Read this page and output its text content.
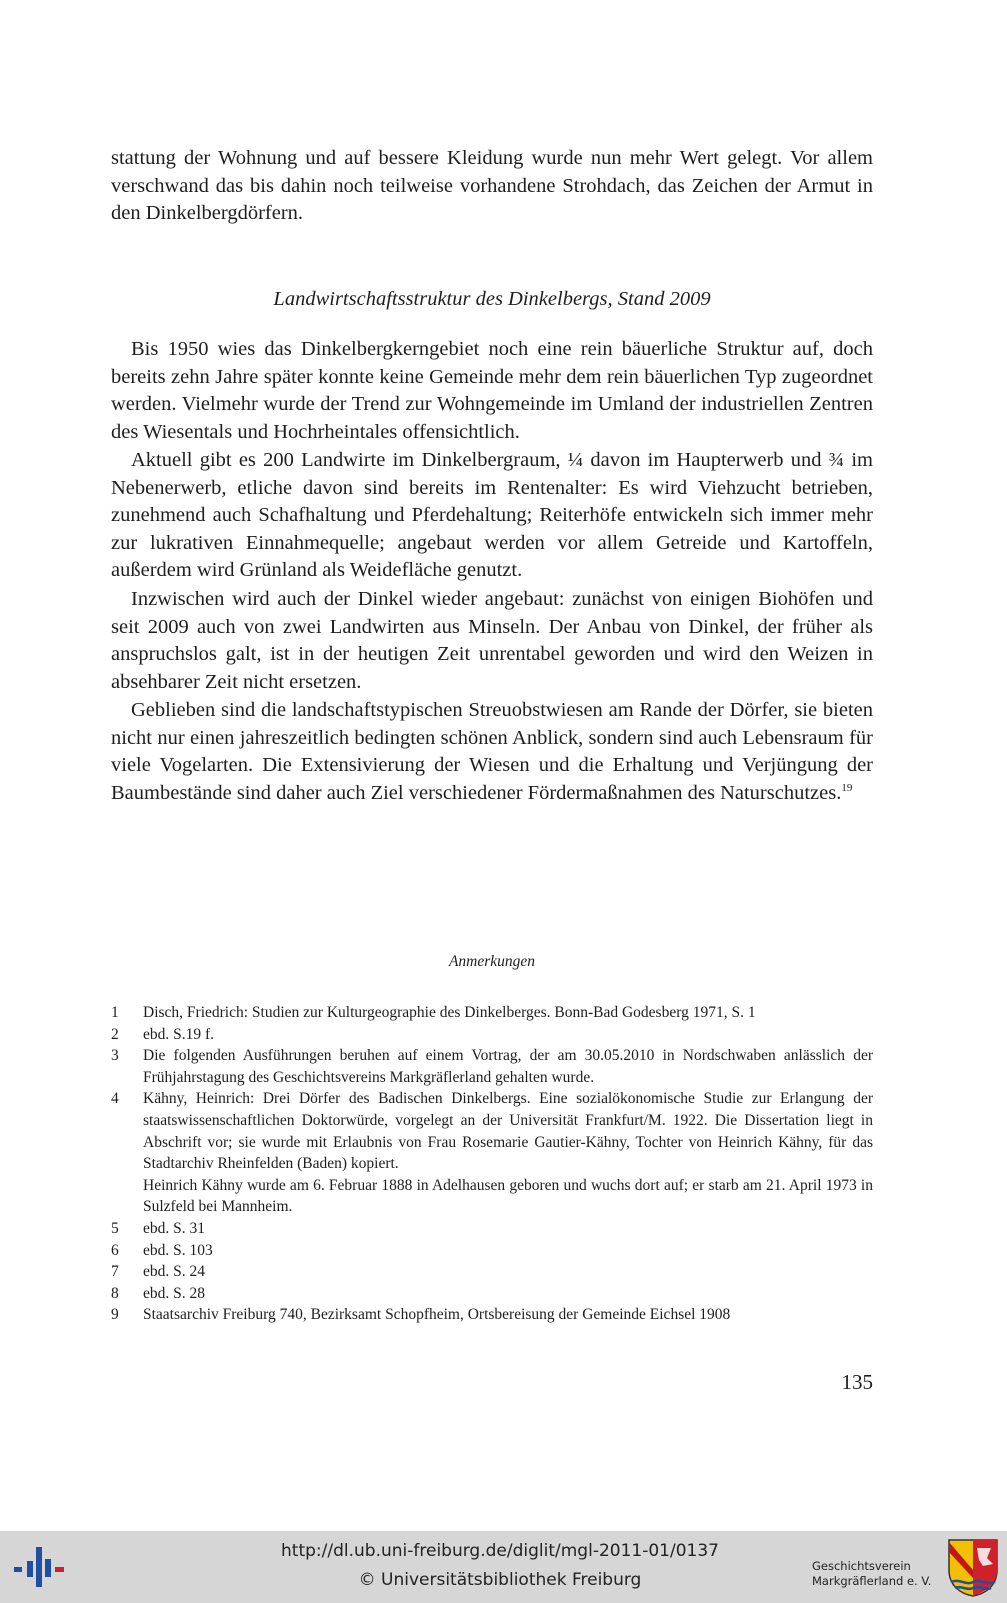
stattung der Wohnung und auf bessere Kleidung wurde nun mehr Wert gelegt. Vor allem verschwand das bis dahin noch teilweise vorhandene Strohdach, das Zeichen der Armut in den Dinkelbergdörfern.

Landwirtschaftsstruktur des Dinkelbergs, Stand 2009

Bis 1950 wies das Dinkelbergkerngebiet noch eine rein bäuerliche Struktur auf, doch bereits zehn Jahre später konnte keine Gemeinde mehr dem rein bäuerlichen Typ zugeordnet werden. Vielmehr wurde der Trend zur Wohngemeinde im Umland der industriellen Zentren des Wiesentals und Hochrheintales offensichtlich.

Aktuell gibt es 200 Landwirte im Dinkelbergraum, ¼ davon im Haupterwerb und ¾ im Nebenerwerb, etliche davon sind bereits im Rentenalter: Es wird Viehzucht betrieben, zunehmend auch Schafhaltung und Pferdehaltung; Reiterhöfe entwickeln sich immer mehr zur lukrativen Einnahmequelle; angebaut werden vor allem Getreide und Kartoffeln, außerdem wird Grünland als Weidefläche genutzt.

Inzwischen wird auch der Dinkel wieder angebaut: zunächst von einigen Biohöfen und seit 2009 auch von zwei Landwirten aus Minseln. Der Anbau von Dinkel, der früher als anspruchslos galt, ist in der heutigen Zeit unrentabel geworden und wird den Weizen in absehbarer Zeit nicht ersetzen.

Geblieben sind die landschaftstypischen Streuobstwiesen am Rande der Dörfer, sie bieten nicht nur einen jahreszeitlich bedingten schönen Anblick, sondern sind auch Lebensraum für viele Vogelarten. Die Extensivierung der Wiesen und die Erhaltung und Verjüngung der Baumbestände sind daher auch Ziel verschiedener Fördermaßnahmen des Naturschutzes.$^{19}$

Anmerkungen

1	Disch, Friedrich: Studien zur Kulturgeographie des Dinkelberges. Bonn-Bad Godesberg 1971, S. 1
2	ebd. S.19 f.
3	Die folgenden Ausführungen beruhen auf einem Vortrag, der am 30.05.2010 in Nordschwaben anlässlich der Frühjahrstagung des Geschichtsvereins Markgräflerland gehalten wurde.
4	Kähny, Heinrich: Drei Dörfer des Badischen Dinkelbergs. Eine sozialökonomische Studie zur Erlangung der staatswissenschaftlichen Doktorwürde, vorgelegt an der Universität Frankfurt/M. 1922. Die Dissertation liegt in Abschrift vor; sie wurde mit Erlaubnis von Frau Rosemarie Gautier-Kähny, Tochter von Heinrich Kähny, für das Stadtarchiv Rheinfelden (Baden) kopiert.
Heinrich Kähny wurde am 6. Februar 1888 in Adelhausen geboren und wuchs dort auf; er starb am 21. April 1973 in Sulzfeld bei Mannheim.
5	ebd. S. 31
6	ebd. S. 103
7	ebd. S. 24
8	ebd. S. 28
9	Staatsarchiv Freiburg 740, Bezirksamt Schopfheim, Ortsbereisung der Gemeinde Eichsel 1908

135

http://dl.ub.uni-freiburg.de/diglit/mgl-2011-01/0137
© Universitätsbibliothek Freiburg
Geschichtsverein
Markgräflerland e. V.
